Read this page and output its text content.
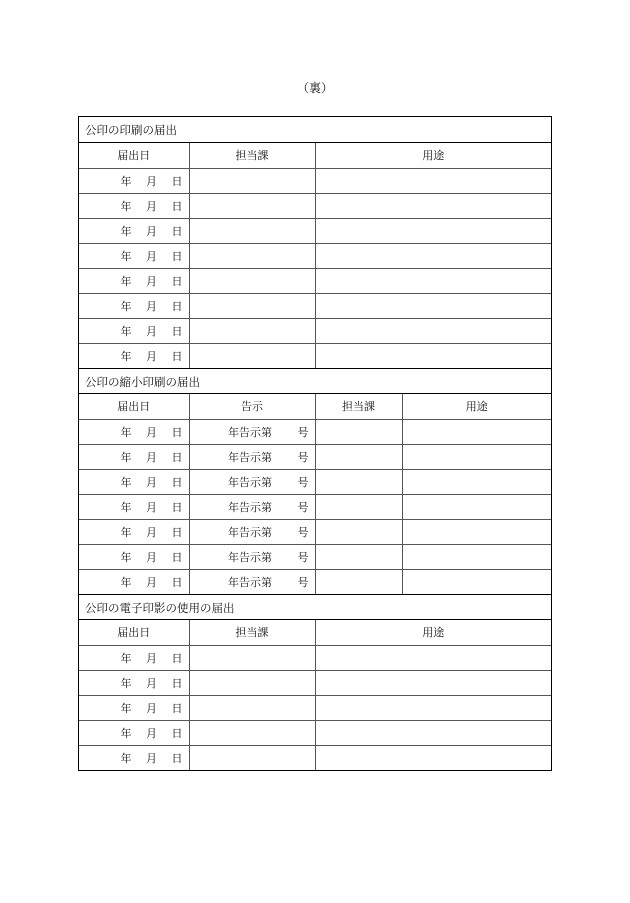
（裏）
公印の印刷の届出
届出日	担当課	用途
年　 月　 日		
年　 月　 日		
年　 月　 日		
年　 月　 日		
年　 月　 日		
年　 月　 日		
年　 月　 日		
年　 月　 日		
公印の縮小印刷の届出
届出日	告示	担当課	用途
年　 月　 日	年告示第　　 号		
年　 月　 日	年告示第　　 号		
年　 月　 日	年告示第　　 号		
年　 月　 日	年告示第　　 号		
年　 月　 日	年告示第　　 号		
年　 月　 日	年告示第　　 号		
年　 月　 日	年告示第　　 号		
公印の電子印影の使用の届出
届出日	担当課	用途
年　 月　 日		
年　 月　 日		
年　 月　 日		
年　 月　 日		
年　 月　 日		
